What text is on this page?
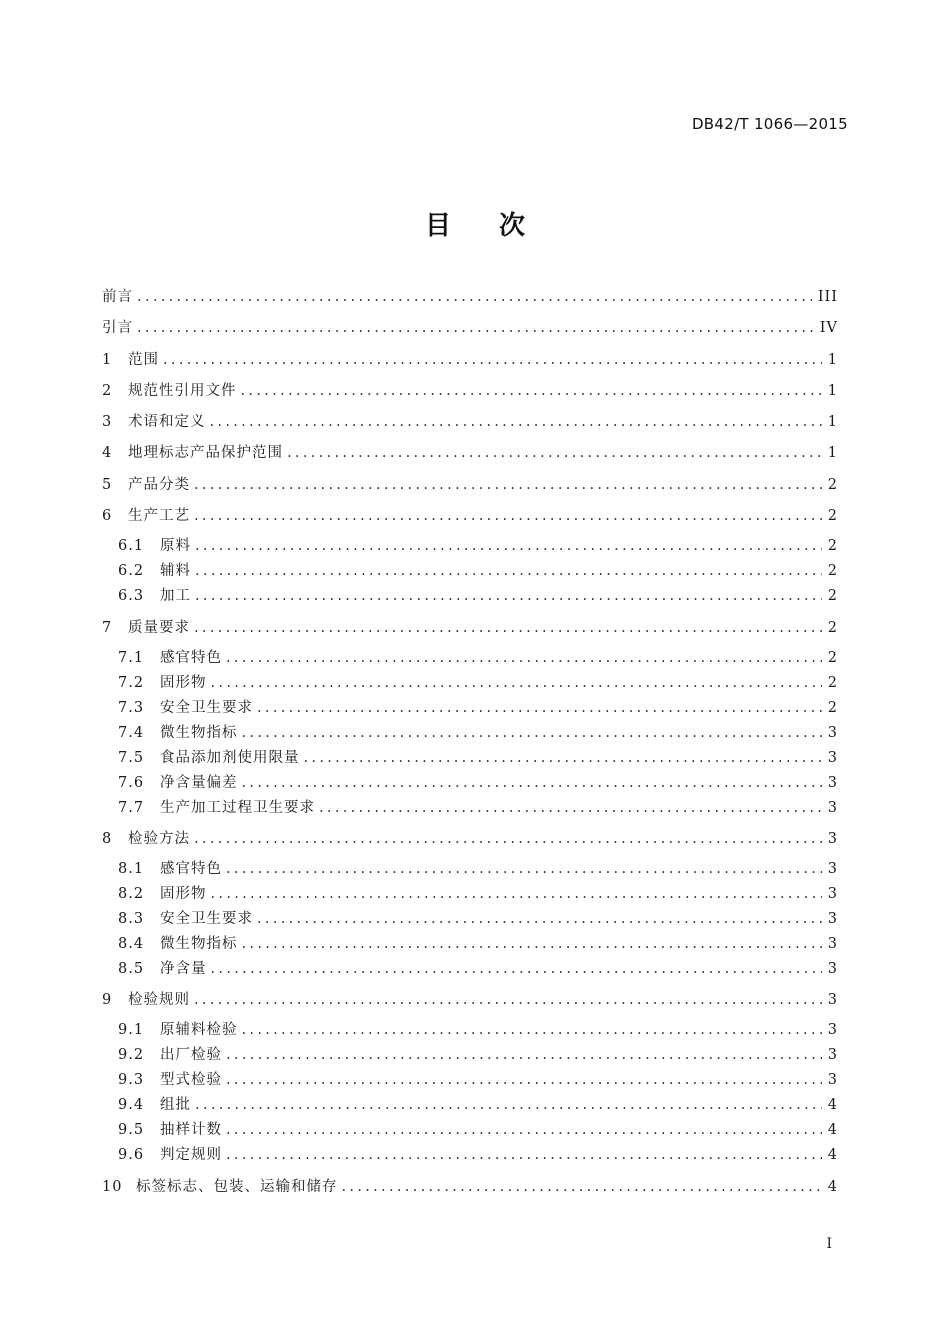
DB42/T 1066—2015
目次
前言 .....	III
引言 .....	IV
1	范围 .....	1
2	规范性引用文件 .....	1
3	术语和定义 .....	1
4	地理标志产品保护范围 .....	1
5	产品分类 .....	2
6	生产工艺 .....	2
6.1	原料 .....	2
6.2	辅料 .....	2
6.3	加工 .....	2
7	质量要求 .....	2
7.1	感官特色 .....	2
7.2	固形物 .....	2
7.3	安全卫生要求 .....	2
7.4	微生物指标 .....	3
7.5	食品添加剂使用限量 .....	3
7.6	净含量偏差 .....	3
7.7	生产加工过程卫生要求 .....	3
8	检验方法 .....	3
8.1	感官特色 .....	3
8.2	固形物 .....	3
8.3	安全卫生要求 .....	3
8.4	微生物指标 .....	3
8.5	净含量 .....	3
9	检验规则 .....	3
9.1	原辅料检验 .....	3
9.2	出厂检验 .....	3
9.3	型式检验 .....	3
9.4	组批 .....	4
9.5	抽样计数 .....	4
9.6	判定规则 .....	4
10 标签标志、包装、运输和储存 .....	4
I
